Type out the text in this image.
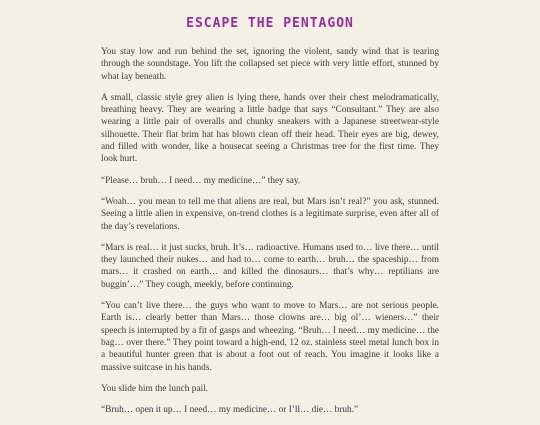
ESCAPE THE PENTAGON

You stay low and run behind the set, ignoring the violent, sandy wind that is tearing through the soundstage. You lift the collapsed set piece with very little effort, stunned by what lay beneath.

A small, classic style grey alien is lying there, hands over their chest melodramatically, breathing heavy. They are wearing a little badge that says “Consultant.” They are also wearing a little pair of overalls and chunky sneakers with a Japanese streetwear-style silhouette. Their flat brim hat has blown clean off their head. Their eyes are big, dewey, and filled with wonder, like a housecat seeing a Christmas tree for the first time. They look hurt.

“Please… bruh… I need… my medicine…” they say.

“Woah… you mean to tell me that aliens are real, but Mars isn’t real?” you ask, stunned. Seeing a little alien in expensive, on-trend clothes is a legitimate surprise, even after all of the day’s revelations.

“Mars is real… it just sucks, bruh. It’s… radioactive. Humans used to… live there… until they launched their nukes… and had to… come to earth… bruh… the spaceship… from mars… it crashed on earth… and killed the dinosaurs… that’s why… reptilians are buggin’…” They cough, meekly, before continuing.

“You can’t live there… the guys who want to move to Mars… are not serious people. Earth is… clearly better than Mars… those clowns are… big ol’… wieners…” their speech is interrupted by a fit of gasps and wheezing. “Bruh… I need… my medicine… the bag… over there.” They point toward a high-end, 12 oz. stainless steel metal lunch box in a beautiful hunter green that is about a foot out of reach. You imagine it looks like a massive suitcase in his hands.

You slide him the lunch pail.

“Bruh… open it up… I need… my medicine… or I’ll… die… bruh.”
